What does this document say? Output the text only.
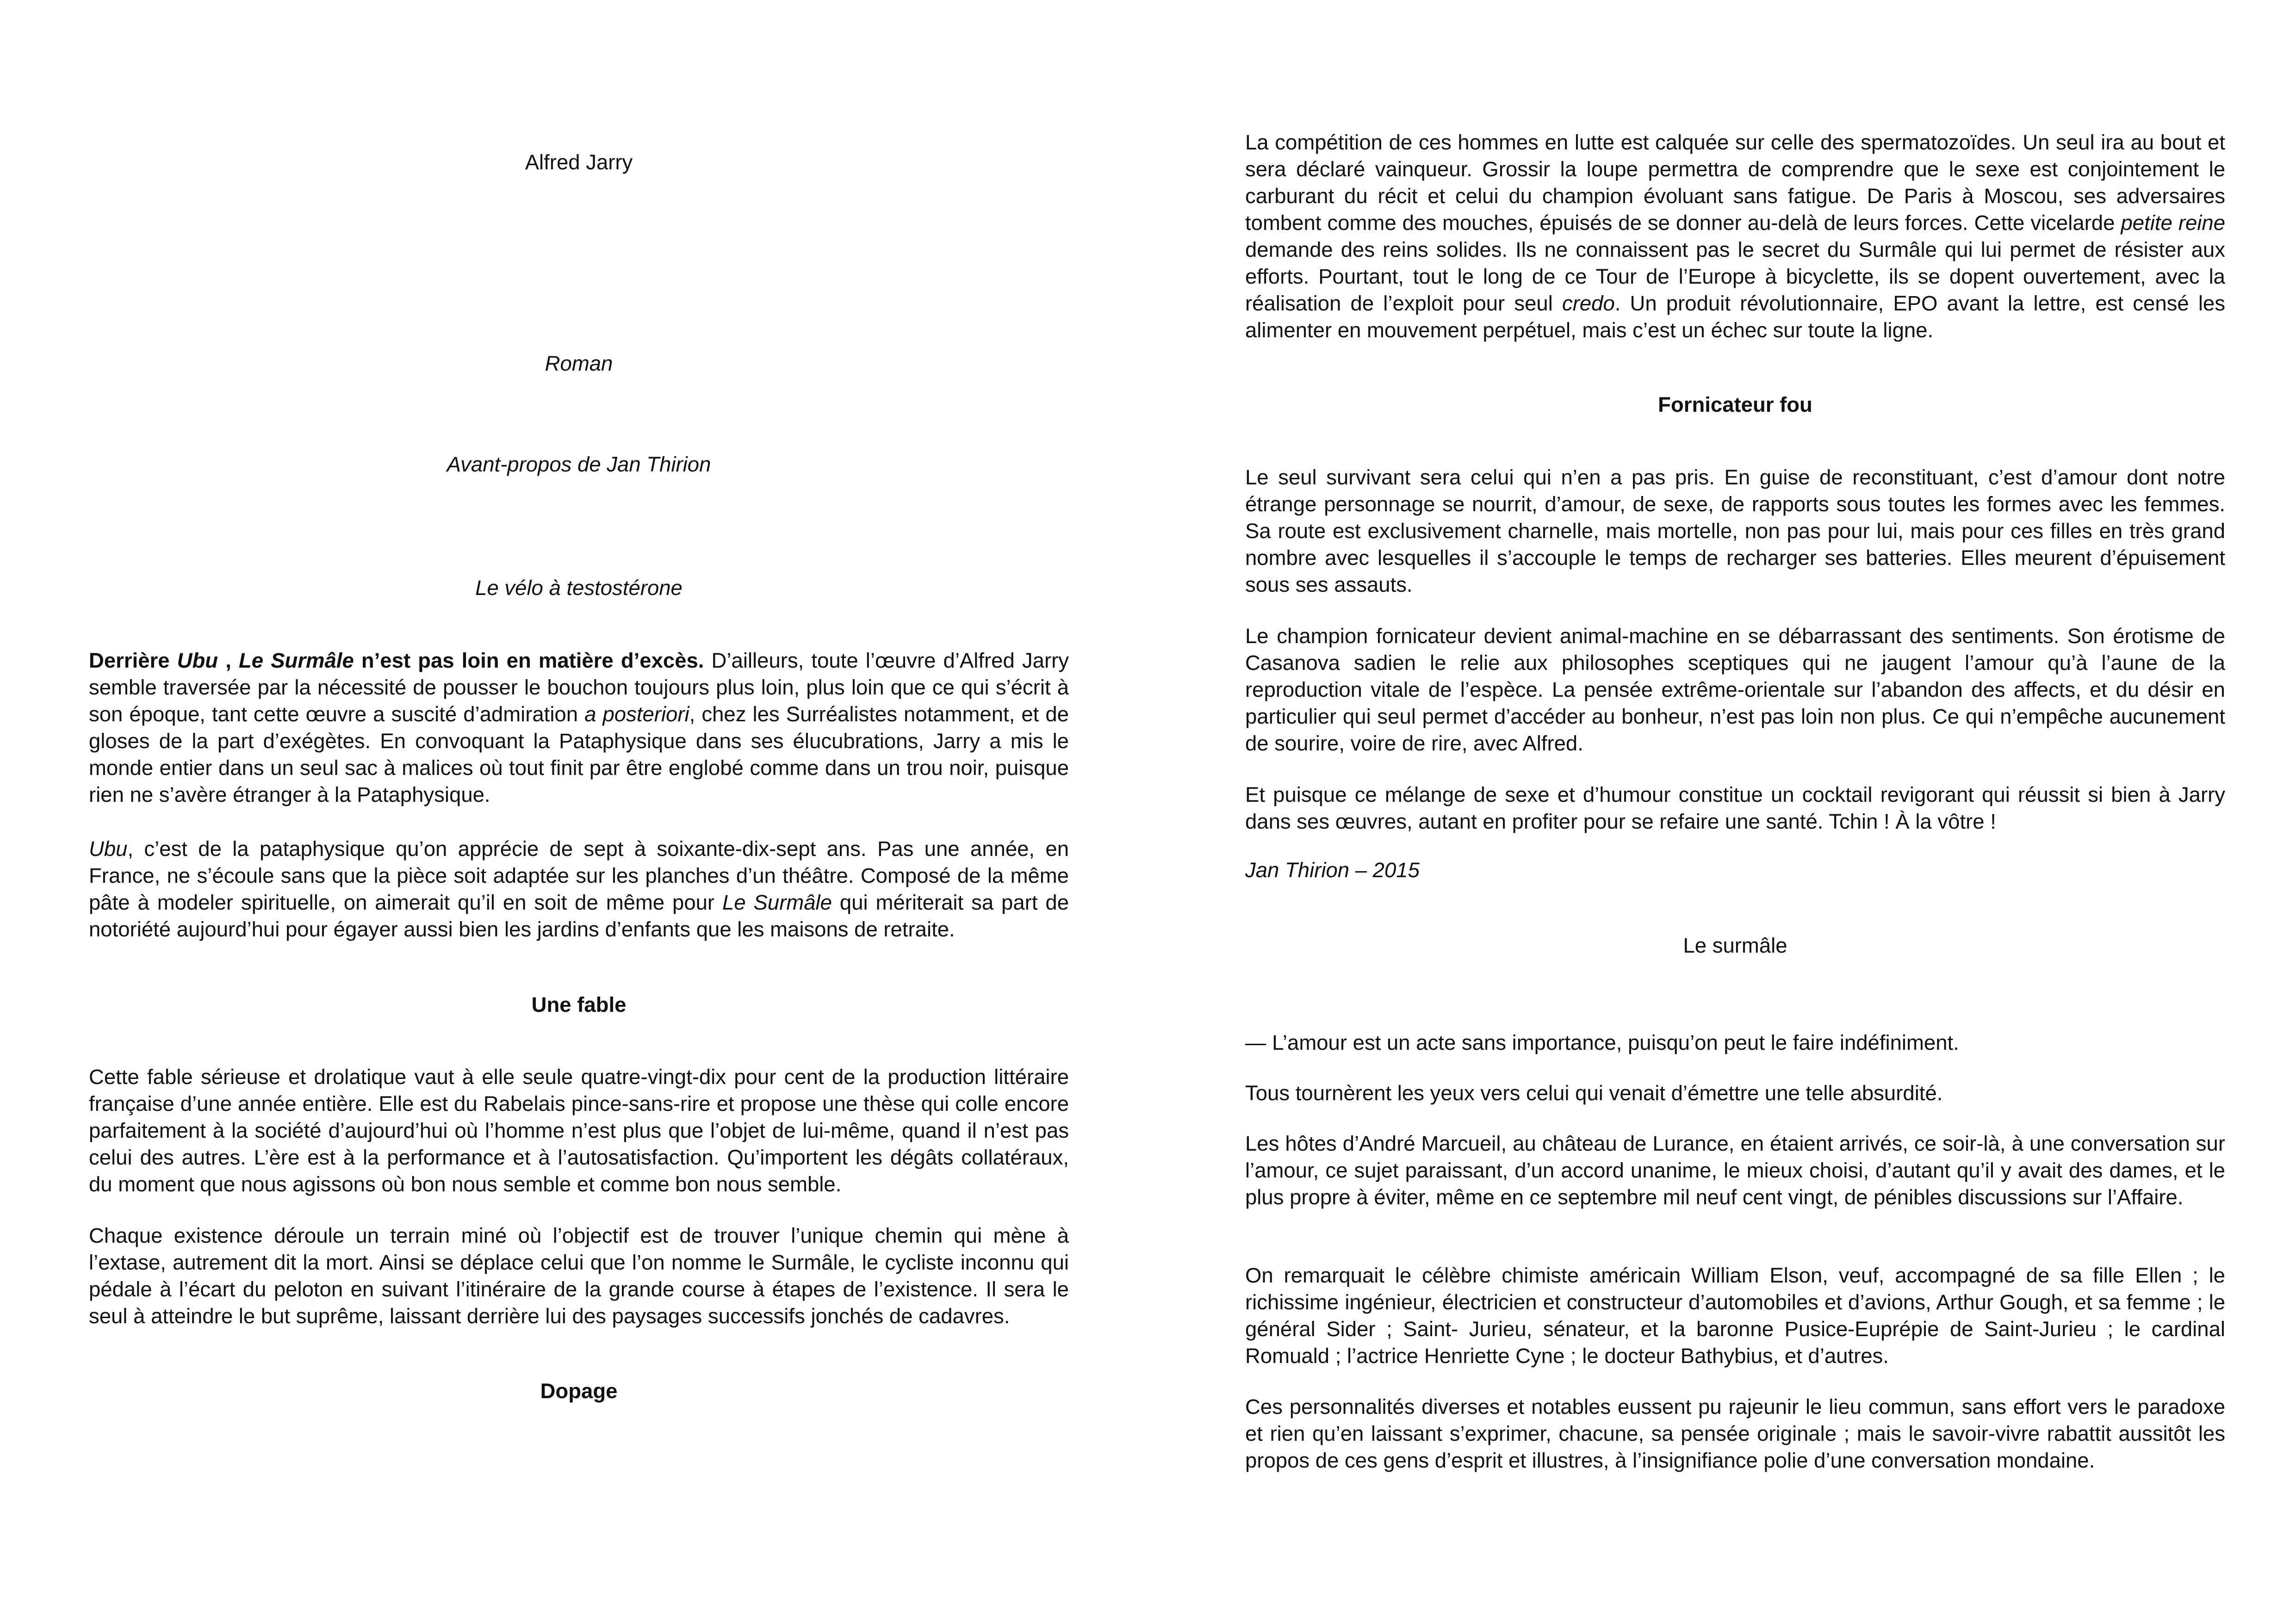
Alfred Jarry
Roman
Avant-propos de Jan Thirion
Le vélo à testostérone
Derrière Ubu , Le Surmâle n’est pas loin en matière d’excès. D’ailleurs, toute l’œuvre d’Alfred Jarry semble traversée par la nécessité de pousser le bouchon toujours plus loin, plus loin que ce qui s’écrit à son époque, tant cette œuvre a suscité d’admiration a posteriori, chez les Surréalistes notamment, et de gloses de la part d’exégètes. En convoquant la Pataphysique dans ses élucubrations, Jarry a mis le monde entier dans un seul sac à malices où tout finit par être englobé comme dans un trou noir, puisque rien ne s’avère étranger à la Pataphysique.
Ubu, c’est de la pataphysique qu’on apprécie de sept à soixante-dix-sept ans. Pas une année, en France, ne s’écoule sans que la pièce soit adaptée sur les planches d’un théâtre. Composé de la même pâte à modeler spirituelle, on aimerait qu’il en soit de même pour Le Surmâle qui mériterait sa part de notoriété aujourd’hui pour égayer aussi bien les jardins d’enfants que les maisons de retraite.
Une fable
Cette fable sérieuse et drolatique vaut à elle seule quatre-vingt-dix pour cent de la production littéraire française d’une année entière. Elle est du Rabelais pince-sans-rire et propose une thèse qui colle encore parfaitement à la société d’aujourd’hui où l’homme n’est plus que l’objet de lui-même, quand il n’est pas celui des autres. L’ère est à la performance et à l’autosatisfaction. Qu’importent les dégâts collatéraux, du moment que nous agissons où bon nous semble et comme bon nous semble.
Chaque existence déroule un terrain miné où l’objectif est de trouver l’unique chemin qui mène à l’extase, autrement dit la mort. Ainsi se déplace celui que l’on nomme le Surmâle, le cycliste inconnu qui pédale à l’écart du peloton en suivant l’itinéraire de la grande course à étapes de l’existence. Il sera le seul à atteindre le but suprême, laissant derrière lui des paysages successifs jonchés de cadavres.
Dopage
La compétition de ces hommes en lutte est calquée sur celle des spermatozoïdes. Un seul ira au bout et sera déclaré vainqueur. Grossir la loupe permettra de comprendre que le sexe est conjointement le carburant du récit et celui du champion évoluant sans fatigue. De Paris à Moscou, ses adversaires tombent comme des mouches, épuisés de se donner au-delà de leurs forces. Cette vicelarde petite reine demande des reins solides. Ils ne connaissent pas le secret du Surmâle qui lui permet de résister aux efforts. Pourtant, tout le long de ce Tour de l’Europe à bicyclette, ils se dopent ouvertement, avec la réalisation de l’exploit pour seul credo. Un produit révolutionnaire, EPO avant la lettre, est censé les alimenter en mouvement perpétuel, mais c’est un échec sur toute la ligne.
Fornicateur fou
Le seul survivant sera celui qui n’en a pas pris. En guise de reconstituant, c’est d’amour dont notre étrange personnage se nourrit, d’amour, de sexe, de rapports sous toutes les formes avec les femmes. Sa route est exclusivement charnelle, mais mortelle, non pas pour lui, mais pour ces filles en très grand nombre avec lesquelles il s’accouple le temps de recharger ses batteries. Elles meurent d’épuisement sous ses assauts.
Le champion fornicateur devient animal-machine en se débarrassant des sentiments. Son érotisme de Casanova sadien le relie aux philosophes sceptiques qui ne jaugent l’amour qu’à l’aune de la reproduction vitale de l’espèce. La pensée extrême-orientale sur l’abandon des affects, et du désir en particulier qui seul permet d’accéder au bonheur, n’est pas loin non plus. Ce qui n’empêche aucunement de sourire, voire de rire, avec Alfred.
Et puisque ce mélange de sexe et d’humour constitue un cocktail revigorant qui réussit si bien à Jarry dans ses œuvres, autant en profiter pour se refaire une santé. Tchin ! À la vôtre !
Jan Thirion – 2015
Le surmâle
— L’amour est un acte sans importance, puisqu’on peut le faire indéfiniment.
Tous tournèrent les yeux vers celui qui venait d’émettre une telle absurdité.
Les hôtes d’André Marcueil, au château de Lurance, en étaient arrivés, ce soir-là, à une conversation sur l’amour, ce sujet paraissant, d’un accord unanime, le mieux choisi, d’autant qu’il y avait des dames, et le plus propre à éviter, même en ce septembre mil neuf cent vingt, de pénibles discussions sur l’Affaire.
On remarquait le célèbre chimiste américain William Elson, veuf, accompagné de sa fille Ellen ; le richissime ingénieur, électricien et constructeur d’automobiles et d’avions, Arthur Gough, et sa femme ; le général Sider ; Saint- Jurieu, sénateur, et la baronne Pusice-Euprépie de Saint-Jurieu ; le cardinal Romuald ; l’actrice Henriette Cyne ; le docteur Bathybius, et d’autres.
Ces personnalités diverses et notables eussent pu rajeunir le lieu commun, sans effort vers le paradoxe et rien qu’en laissant s’exprimer, chacune, sa pensée originale ; mais le savoir-vivre rabattit aussitôt les propos de ces gens d’esprit et illustres, à l’insignifiance polie d’une conversation mondaine.
